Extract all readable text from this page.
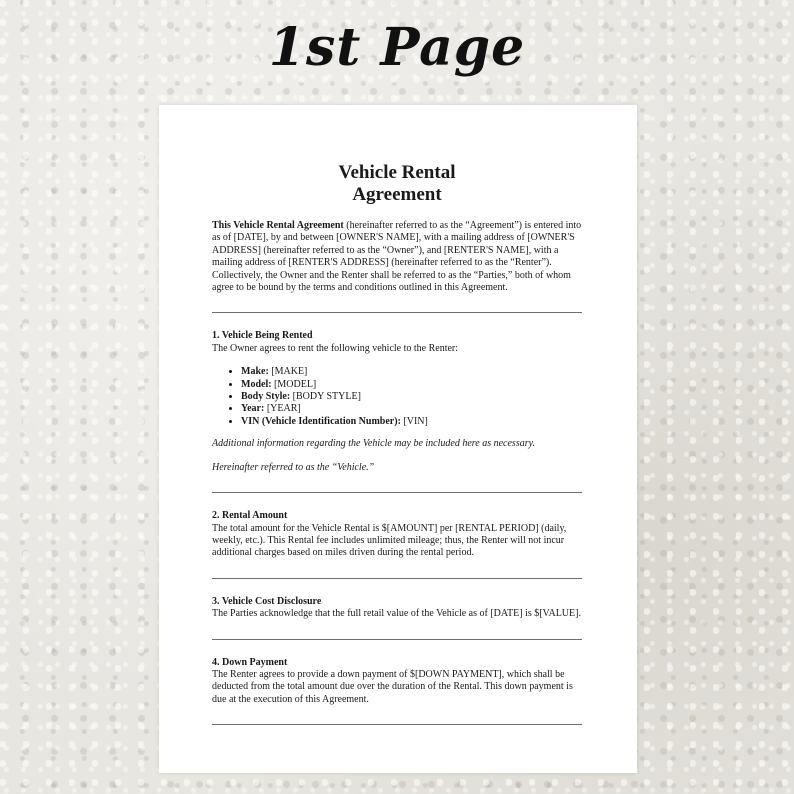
1st Page
Vehicle Rental
Agreement

This Vehicle Rental Agreement (hereinafter referred to as the “Agreement”) is entered into as of [DATE], by and between [OWNER'S NAME], with a mailing address of [OWNER'S ADDRESS] (hereinafter referred to as the “Owner”), and [RENTER'S NAME], with a mailing address of [RENTER'S ADDRESS] (hereinafter referred to as the “Renter”). Collectively, the Owner and the Renter shall be referred to as the “Parties,” both of whom agree to be bound by the terms and conditions outlined in this Agreement.

1. Vehicle Being Rented

The Owner agrees to rent the following vehicle to the Renter:

• Make: [MAKE]
• Model: [MODEL]
• Body Style: [BODY STYLE]
• Year: [YEAR]
• VIN (Vehicle Identification Number): [VIN]

Additional information regarding the Vehicle may be included here as necessary.

Hereinafter referred to as the “Vehicle.”

2. Rental Amount

The total amount for the Vehicle Rental is $[AMOUNT] per [RENTAL PERIOD] (daily, weekly, etc.). This Rental fee includes unlimited mileage; thus, the Renter will not incur additional charges based on miles driven during the rental period.

3. Vehicle Cost Disclosure

The Parties acknowledge that the full retail value of the Vehicle as of [DATE] is $[VALUE].

4. Down Payment

The Renter agrees to provide a down payment of $[DOWN PAYMENT], which shall be deducted from the total amount due over the duration of the Rental. This down payment is due at the execution of this Agreement.
